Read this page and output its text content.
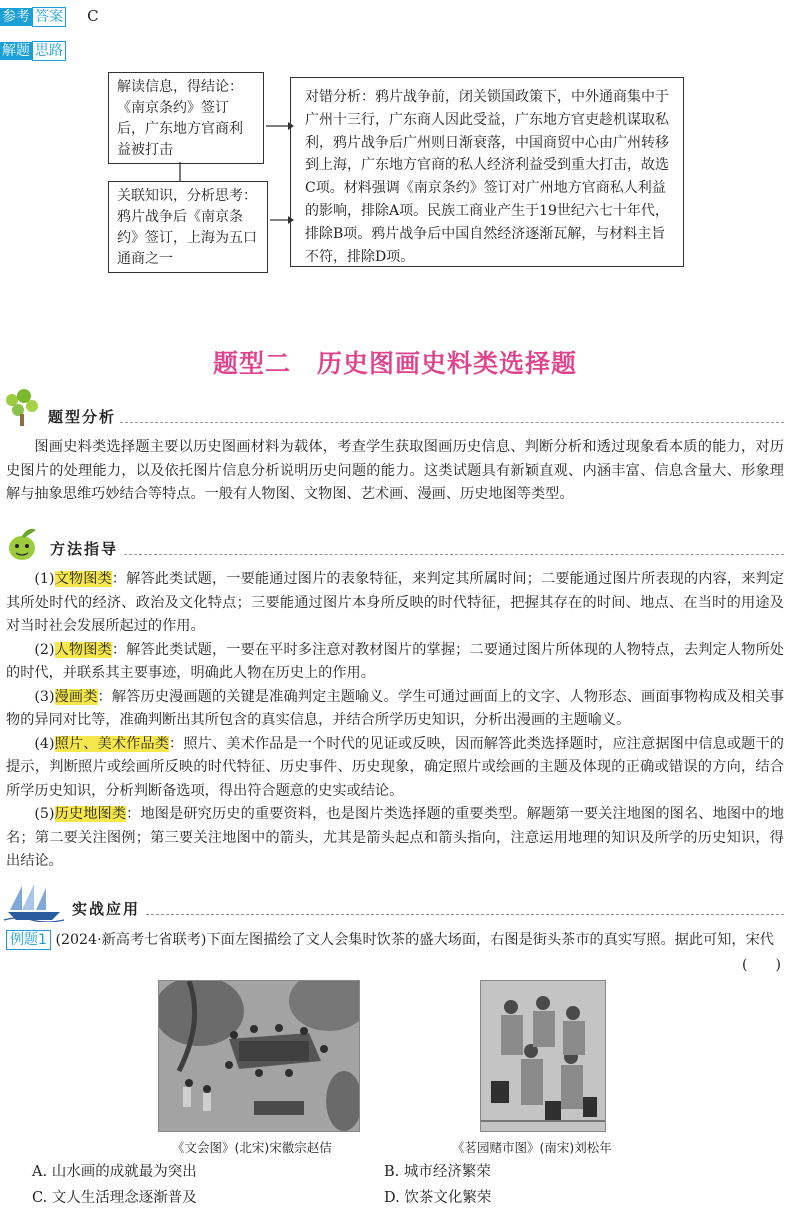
参考 答案 C
解题 思路
解读信息，得结论：《南京条约》签订后，广东地方官商利益被打击
关联知识，分析思考：鸦片战争后《南京条约》签订，上海为五口通商之一
对错分析：鸦片战争前，闭关锁国政策下，中外通商集中于广州十三行，广东商人因此受益，广东地方官吏趁机谋取私利，鸦片战争后广州则日渐衰落，中国商贸中心由广州转移到上海，广东地方官商的私人经济利益受到重大打击，故选C项。材料强调《南京条约》签订对广州地方官商私人利益的影响，排除A项。民族工商业产生于19世纪六七十年代，排除B项。鸦片战争后中国自然经济逐渐瓦解，与材料主旨不符，排除D项。
题型二　历史图画史料类选择题
题型分析
图画史料类选择题主要以历史图画材料为载体，考查学生获取图画历史信息、判断分析和透过现象看本质的能力，对历史图片的处理能力，以及依托图片信息分析说明历史问题的能力。这类试题具有新颖直观、内涵丰富、信息含量大、形象理解与抽象思维巧妙结合等特点。一般有人物图、文物图、艺术画、漫画、历史地图等类型。
方法指导
(1)文物图类：解答此类试题，一要能通过图片的表象特征，来判定其所属时间；二要能通过图片所表现的内容，来判定其所处时代的经济、政治及文化特点；三要能通过图片本身所反映的时代特征，把握其存在的时间、地点、在当时的用途及对当时社会发展所起过的作用。
(2)人物图类：解答此类试题，一要在平时多注意对教材图片的掌握；二要通过图片所体现的人物特点，去判定人物所处的时代，并联系其主要事迹，明确此人物在历史上的作用。
(3)漫画类：解答历史漫画题的关键是准确判定主题喻义。学生可通过画面上的文字、人物形态、画面事物构成及相关事物的异同对比等，准确判断出其所包含的真实信息，并结合所学历史知识，分析出漫画的主题喻义。
(4)照片、美术作品类：照片、美术作品是一个时代的见证或反映，因而解答此类选择题时，应注意据图中信息或题干的提示，判断照片或绘画所反映的时代特征、历史事件、历史现象，确定照片或绘画的主题及体现的正确或错误的方向，结合所学历史知识，分析判断备选项，得出符合题意的史实或结论。
(5)历史地图类：地图是研究历史的重要资料，也是图片类选择题的重要类型。解题第一要关注地图的图名、地图中的地名；第二要关注图例；第三要关注地图中的箭头，尤其是箭头起点和箭头指向，注意运用地理的知识及所学的历史知识，得出结论。
实战应用
例题1 (2024·新高考七省联考)下面左图描绘了文人会集时饮茶的盛大场面，右图是街头茶市的真实写照。据此可知，宋代
(　　)
《文会图》(北宋)宋徽宗赵佶	《茗园赌市图》(南宋)刘松年
A. 山水画的成就最为突出	B. 城市经济繁荣
C. 文人生活理念逐渐普及	D. 饮茶文化繁荣
